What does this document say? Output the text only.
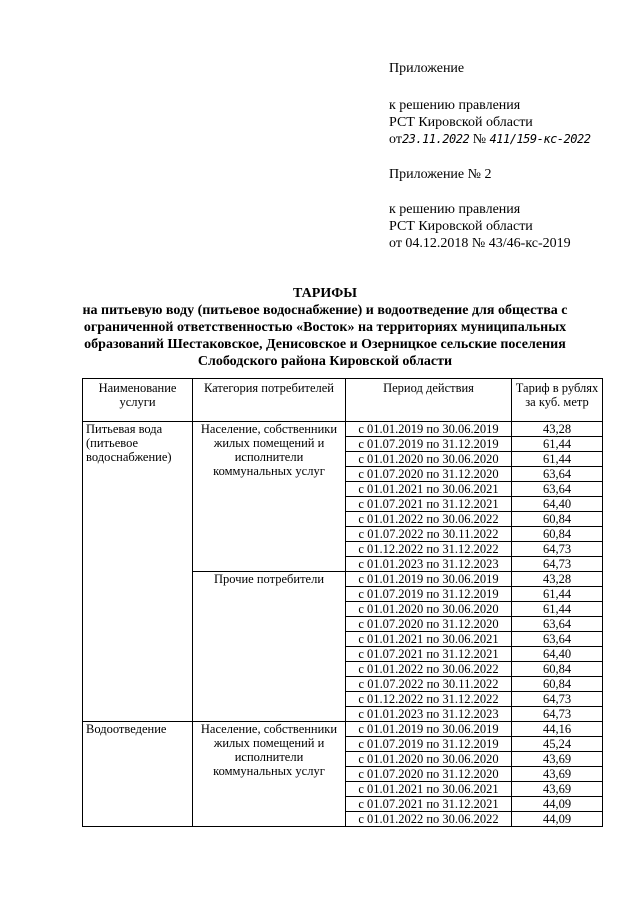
Приложение
к решению правления
РСТ Кировской области
от23.11.2022 № 411/159-кс-2022
Приложение № 2
к решению правления
РСТ Кировской области
от 04.12.2018 № 43/46-кс-2019
ТАРИФЫ
на питьевую воду (питьевое водоснабжение) и водоотведение для общества с ограниченной ответственностью «Восток» на территориях муниципальных образований Шестаковское, Денисовское и Озерницкое сельские поселения Слободского района Кировской области
Наименование услуги	Категория потребителей	Период действия	Тариф в рублях за куб. метр
Питьевая вода (питьевое водоснабжение)	Население, собственники жилых помещений и исполнители коммунальных услуг	с 01.01.2019 по 30.06.2019	43,28
		с 01.07.2019 по 31.12.2019	61,44
		с 01.01.2020 по 30.06.2020	61,44
		с 01.07.2020 по 31.12.2020	63,64
		с 01.01.2021 по 30.06.2021	63,64
		с 01.07.2021 по 31.12.2021	64,40
		с 01.01.2022 по 30.06.2022	60,84
		с 01.07.2022 по 30.11.2022	60,84
		с 01.12.2022 по 31.12.2022	64,73
		с 01.01.2023 по 31.12.2023	64,73
	Прочие потребители	с 01.01.2019 по 30.06.2019	43,28
		с 01.07.2019 по 31.12.2019	61,44
		с 01.01.2020 по 30.06.2020	61,44
		с 01.07.2020 по 31.12.2020	63,64
		с 01.01.2021 по 30.06.2021	63,64
		с 01.07.2021 по 31.12.2021	64,40
		с 01.01.2022 по 30.06.2022	60,84
		с 01.07.2022 по 30.11.2022	60,84
		с 01.12.2022 по 31.12.2022	64,73
		с 01.01.2023 по 31.12.2023	64,73
Водоотведение	Население, собственники жилых помещений и исполнители коммунальных услуг	с 01.01.2019 по 30.06.2019	44,16
		с 01.07.2019 по 31.12.2019	45,24
		с 01.01.2020 по 30.06.2020	43,69
		с 01.07.2020 по 31.12.2020	43,69
		с 01.01.2021 по 30.06.2021	43,69
		с 01.07.2021 по 31.12.2021	44,09
		с 01.01.2022 по 30.06.2022	44,09
